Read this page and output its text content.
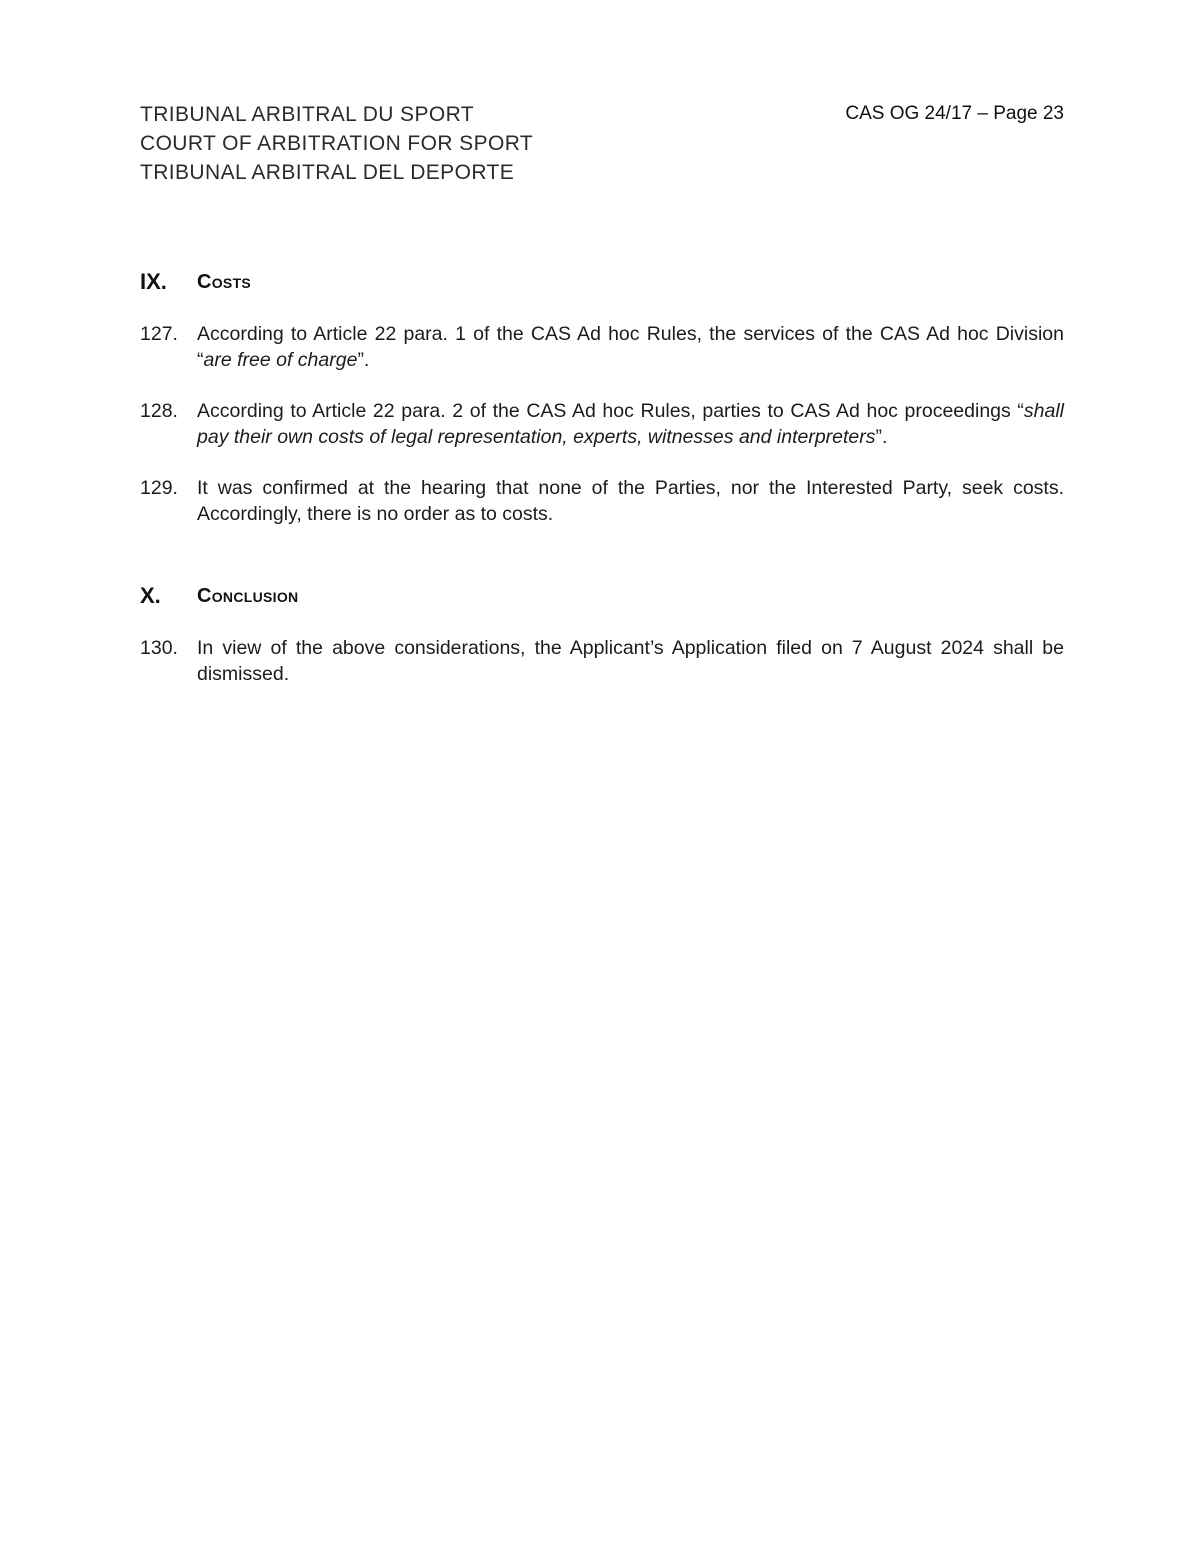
TRIBUNAL ARBITRAL DU SPORT
COURT OF ARBITRATION FOR SPORT
TRIBUNAL ARBITRAL DEL DEPORTE
CAS OG 24/17 – Page 23
IX.	Costs
127. According to Article 22 para. 1 of the CAS Ad hoc Rules, the services of the CAS Ad hoc Division “are free of charge”.
128. According to Article 22 para. 2 of the CAS Ad hoc Rules, parties to CAS Ad hoc proceedings “shall pay their own costs of legal representation, experts, witnesses and interpreters”.
129. It was confirmed at the hearing that none of the Parties, nor the Interested Party, seek costs. Accordingly, there is no order as to costs.
X.	Conclusion
130. In view of the above considerations, the Applicant’s Application filed on 7 August 2024 shall be dismissed.
